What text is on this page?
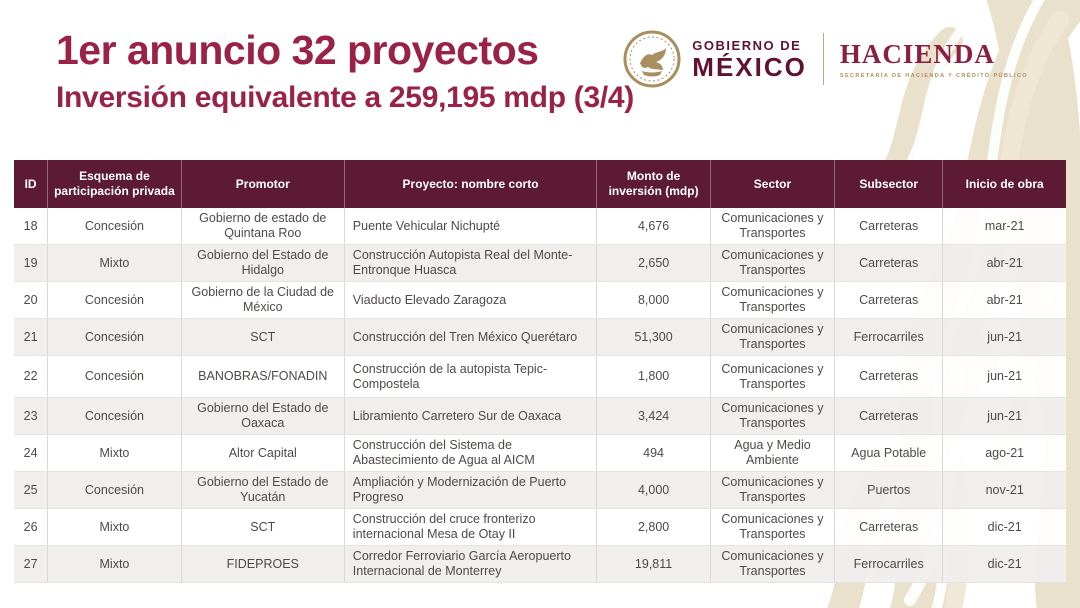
1er anuncio 32 proyectos
Inversión equivalente a 259,195 mdp (3/4)
GOBIERNO DE
MÉXICO HACIENDA
SECRETARÍA DE HACIENDA Y CRÉDITO PÚBLICO
ID	Esquema de participación privada	Promotor	Proyecto: nombre corto	Monto de inversión (mdp)	Sector	Subsector	Inicio de obra
18	Concesión	Gobierno de estado de Quintana Roo	Puente Vehicular Nichupté	4,676	Comunicaciones y Transportes	Carreteras	mar-21
19	Mixto	Gobierno del Estado de Hidalgo	Construcción Autopista Real del Monte-Entronque Huasca	2,650	Comunicaciones y Transportes	Carreteras	abr-21
20	Concesión	Gobierno de la Ciudad de México	Viaducto Elevado Zaragoza	8,000	Comunicaciones y Transportes	Carreteras	abr-21
21	Concesión	SCT	Construcción del Tren México Querétaro	51,300	Comunicaciones y Transportes	Ferrocarriles	jun-21
22	Concesión	BANOBRAS/FONADIN	Construcción de la autopista Tepic-Compostela	1,800	Comunicaciones y Transportes	Carreteras	jun-21
23	Concesión	Gobierno del Estado de Oaxaca	Libramiento Carretero Sur de Oaxaca	3,424	Comunicaciones y Transportes	Carreteras	jun-21
24	Mixto	Altor Capital	Construcción del Sistema de Abastecimiento de Agua al AICM	494	Agua y Medio Ambiente	Agua Potable	ago-21
25	Concesión	Gobierno del Estado de Yucatán	Ampliación y Modernización de Puerto Progreso	4,000	Comunicaciones y Transportes	Puertos	nov-21
26	Mixto	SCT	Construcción del cruce fronterizo internacional Mesa de Otay II	2,800	Comunicaciones y Transportes	Carreteras	dic-21
27	Mixto	FIDEPROES	Corredor Ferroviario García Aeropuerto Internacional de Monterrey	19,811	Comunicaciones y Transportes	Ferrocarriles	dic-21
